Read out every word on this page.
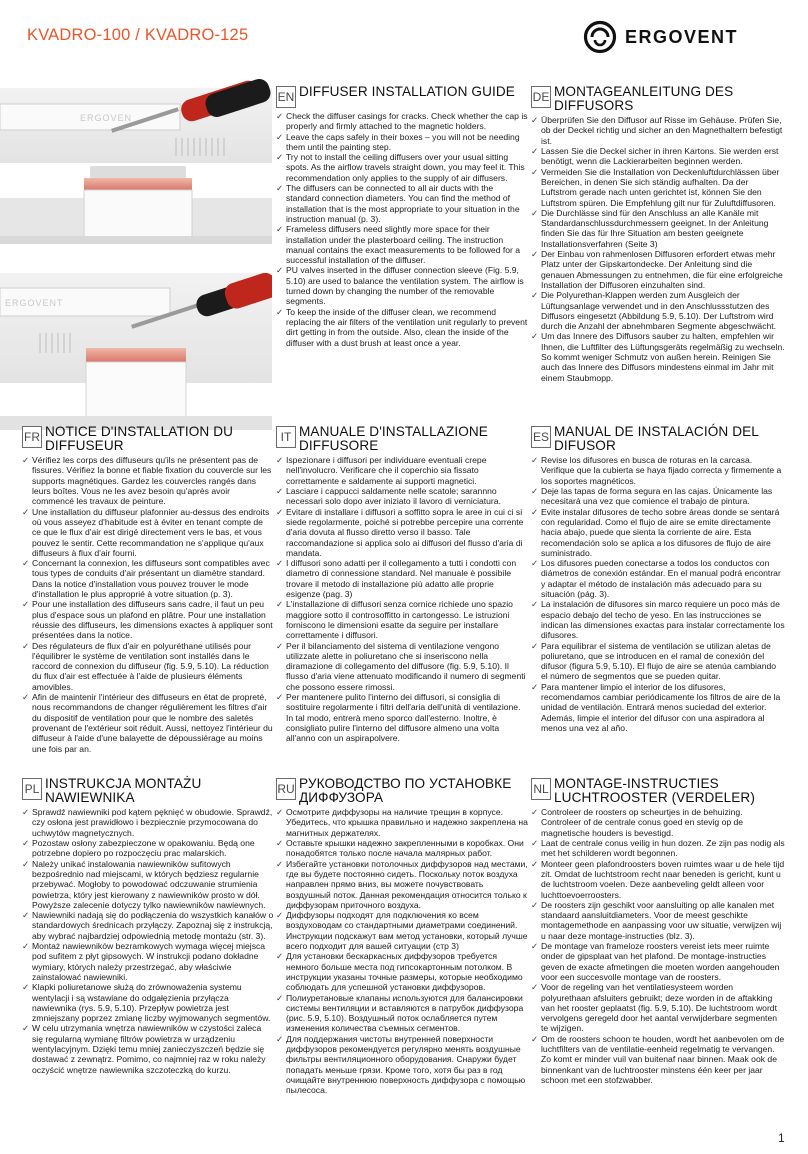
KVADRO-100 / KVADRO-125	ERGOVENT
ERGOVEN
ERGOVENT
EN DIFFUSER INSTALLATION GUIDE
✓ Check the diffuser casings for cracks. Check whether the cap is properly and firmly attached to the magnetic holders.
✓ Leave the caps safely in their boxes – you will not be needing them until the painting step.
✓ Try not to install the ceiling diffusers over your usual sitting spots. As the airflow travels straight down, you may feel it. This recommendation only applies to the supply of air diffusers.
✓ The diffusers can be connected to all air ducts with the standard connection diameters. You can find the method of installation that is the most appropriate to your situation in the instruction manual (p. 3).
✓ Frameless diffusers need slightly more space for their installation under the plasterboard ceiling. The instruction manual contains the exact measurements to be followed for a successful installation of the diffuser.
✓ PU valves inserted in the diffuser connection sleeve (Fig. 5.9, 5.10) are used to balance the ventilation system. The airflow is turned down by changing the number of the removable segments.
✓ To keep the inside of the diffuser clean, we recommend replacing the air filters of the ventilation unit regularly to prevent dirt getting in from the outside. Also, clean the inside of the diffuser with a dust brush at least once a year.
DE MONTAGEANLEITUNG DES DIFFUSORS
✓ Überprüfen Sie den Diffusor auf Risse im Gehäuse. Prüfen Sie, ob der Deckel richtig und sicher an den Magnethaltern befestigt ist.
✓ Lassen Sie die Deckel sicher in ihren Kartons. Sie werden erst benötigt, wenn die Lackierarbeiten beginnen werden.
✓ Vermeiden Sie die Installation von Deckenluftdurchlässen über Bereichen, in denen Sie sich ständig aufhalten. Da der Luftstrom gerade nach unten gerichtet ist, können Sie den Luftstrom spüren. Die Empfehlung gilt nur für Zuluftdiffusoren.
✓ Die Durchlässe sind für den Anschluss an alle Kanäle mit Standardanschlussdurchmessern geeignet. In der Anleitung finden Sie das für Ihre Situation am besten geeignete Installationsverfahren (Seite 3)
✓ Der Einbau von rahmenlosen Diffusoren erfordert etwas mehr Platz unter der Gipskartondecke. Der Anleitung sind die genauen Abmessungen zu entnehmen, die für eine erfolgreiche Installation der Diffusoren einzuhalten sind.
✓ Die Polyurethan-Klappen werden zum Ausgleich der Lüftungsanlage verwendet und in den Anschlussstutzen des Diffusors eingesetzt (Abbildung 5.9, 5.10). Der Luftstrom wird durch die Anzahl der abnehmbaren Segmente abgeschwächt.
✓ Um das Innere des Diffusors sauber zu halten, empfehlen wir Ihnen, die Luftfilter des Lüftungsgeräts regelmäßig zu wechseln. So kommt weniger Schmutz von außen herein. Reinigen Sie auch das Innere des Diffusors mindestens einmal im Jahr mit einem Staubmopp.
FR NOTICE D'INSTALLATION DU DIFFUSEUR
✓ Vérifiez les corps des diffuseurs qu'ils ne présentent pas de fissures. Vérifiez la bonne et fiable fixation du couvercle sur les supports magnétiques. Gardez les couvercles rangés dans leurs boîtes. Vous ne les avez besoin qu'après avoir commencé les travaux de peinture.
✓ Une installation du diffuseur plafonnier au-dessus des endroits où vous asseyez d'habitude est à éviter en tenant compte de ce que le flux d'air est dirigé directement vers le bas, et vous pouvez le sentir. Cette recommandation ne s'applique qu'aux diffuseurs à flux d'air fourni.
✓ Concernant la connexion, les diffuseurs sont compatibles avec tous types de conduits d'air présentant un diamètre standard. Dans la notice d'installation vous pouvez trouver le mode d'installation le plus approprié à votre situation (p. 3).
✓ Pour une installation des diffuseurs sans cadre, il faut un peu plus d'espace sous un plafond en plâtre. Pour une installation réussie des diffuseurs, les dimensions exactes à appliquer sont présentées dans la notice.
✓ Des régulateurs de flux d'air en polyuréthane utilisés pour l'équilibrer le système de ventilation sont installés dans le raccord de connexion du diffuseur (fig. 5.9, 5.10). La réduction du flux d'air est effectuée à l'aide de plusieurs éléments amovibles.
✓ Afin de maintenir l'intérieur des diffuseurs en état de propreté, nous recommandons de changer régulièrement les filtres d'air du dispositif de ventilation pour que le nombre des saletés provenant de l'extérieur soit réduit. Aussi, nettoyez l'intérieur du diffuseur à l'aide d'une balayette de dépoussiérage au moins une fois par an.
IT MANUALE D'INSTALLAZIONE DIFFUSORE
✓ Ispezionare i diffusori per individuare eventuali crepe nell'involucro. Verificare che il coperchio sia fissato correttamente e saldamente ai supporti magnetici.
✓ Lasciare i cappucci saldamente nelle scatole; sarannno necessari solo dopo aver iniziato il lavoro di verniciatura.
✓ Evitare di installare i diffusori a soffitto sopra le aree in cui ci si siede regolarmente, poiché si potrebbe percepire una corrente d'aria dovuta al flusso diretto verso il basso. Tale raccomandazione si applica solo ai diffusori del flusso d'aria di mandata.
✓ I diffusori sono adatti per il collegamento a tutti i condotti con diametro di connessione standard. Nel manuale è possibile trovare il metodo di installazione più adatto alle proprie esigenze (pag. 3)
✓ L'installazione di diffusori senza cornice richiede uno spazio maggiore sotto il controsoffitto in cartongesso. Le istruzioni forniscono le dimensioni esatte da seguire per installare correttamente i diffusori.
✓ Per il bilanciamento del sistema di ventilazione vengono utilizzate alette in poliuretano che si inseriscono nella diramazione di collegamento del diffusore (fig. 5.9, 5.10). Il flusso d'aria viene attenuato modificando il numero di segmenti che possono essere rimossi.
✓ Per mantenere pulito l'interno dei diffusori, si consiglia di sostituire regolarmente i filtri dell'aria dell'unità di ventilazione. In tal modo, entrerà meno sporco dall'esterno. Inoltre, è consigliato pulire l'interno del diffusore almeno una volta all'anno con un aspirapolvere.
ES MANUAL DE INSTALACIÓN DEL DIFUSOR
✓ Revise los difusores en busca de roturas en la carcasa. Verifique que la cubierta se haya fijado correcta y firmemente a los soportes magnéticos.
✓ Deje las tapas de forma segura en las cajas. Únicamente las necesitará una vez que comience el trabajo de pintura.
✓ Evite instalar difusores de techo sobre áreas donde se sentará con regularidad. Como el flujo de aire se emite directamente hacia abajo, puede que sienta la corriente de aire. Esta recomendación solo se aplica a los difusores de flujo de aire suministrado.
✓ Los difusores pueden conectarse a todos los conductos con diámetros de conexión estándar. En el manual podrá encontrar y adaptar el método de instalación más adecuado para su situación (pág. 3).
✓ La instalación de difusores sin marco requiere un poco más de espacio debajo del techo de yeso. En las instrucciones se indican las dimensiones exactas para instalar correctamente los difusores.
✓ Para equilibrar el sistema de ventilación se utilizan aletas de poliuretano, que se introducen en el ramal de conexión del difusor (figura 5.9, 5.10). El flujo de aire se atenúa cambiando el número de segmentos que se pueden quitar.
✓ Para mantener limpio el interior de los difusores, recomendamos cambiar periódicamente los filtros de aire de la unidad de ventilación. Entrará menos suciedad del exterior. Además, limpie el interior del difusor con una aspiradora al menos una vez al año.
PL INSTRUKCJA MONTAŻU NAWIEWNIKA
✓ Sprawdź nawiewniki pod kątem pęknięć w obudowie. Sprawdź, czy osłona jest prawidłowo i bezpiecznie przymocowana do uchwytów magnetycznych.
✓ Pozostaw osłony zabezpieczone w opakowaniu. Będą one potrzebne dopiero po rozpoczęciu prac malarskich.
✓ Należy unikać instalowania nawiewników sufitowych bezpośrednio nad miejscami, w których będziesz regularnie przebywać. Mogłoby to powodować odczuwanie strumienia powietrza, który jest kierowany z nawiewników prosto w dół. Powyższe zalecenie dotyczy tylko nawiewników nawiewnych.
✓ Nawiewniki nadają się do podłączenia do wszystkich kanałów o standardowych średnicach przyłączy. Zapoznaj się z instrukcją, aby wybrać najbardziej odpowiednią metodę montażu (str. 3).
✓ Montaż nawiewników bezramkowych wymaga więcej miejsca pod sufitem z płyt gipsowych. W instrukcji podano dokładne wymiary, których należy przestrzegać, aby właściwie zainstalować nawiewniki.
✓ Klapki poliuretanowe służą do zrównoważenia systemu wentylacji i są wstawiane do odgałęzienia przyłącza nawiewnika (rys. 5.9, 5.10). Przepływ powietrza jest zmniejszany poprzez zmianę liczby wyjmowanych segmentów.
✓ W celu utrzymania wnętrza nawiewników w czystości zaleca się regularną wymianę filtrów powietrza w urządzeniu wentylacyjnym. Dzięki temu mniej zanieczyszczeń będzie się dostawać z zewnątrz. Pomimo, co najmniej raz w roku należy oczyścić wnętrze nawiewnika szczoteczką do kurzu.
RU РУКОВОДСТВО ПО УСТАНОВКЕ ДИФФУЗОРА
✓ Осмотрите диффузоры на наличие трещин в корпусе. Убедитесь, что крышка правильно и надежно закреплена на магнитных держателях.
✓ Оставьте крышки надежно закрепленными в коробках. Они понадобятся только после начала малярных работ.
✓ Избегайте установки потолочных диффузоров над местами, где вы будете постоянно сидеть. Поскольку поток воздуха направлен прямо вниз, вы можете почувствовать воздушный поток. Данная рекомендация относится только к диффузорам приточного воздуха.
✓ Диффузоры подходят для подключения ко всем воздуховодам со стандартными диаметрами соединений. Инструкции подскажут вам метод установки, который лучше всего подходит для вашей ситуации (стр 3)
✓ Для установки бескаркасных диффузоров требуется немного больше места под гипсокартонным потолком. В инструкции указаны точные размеры, которые необходимо соблюдать для успешной установки диффузоров.
✓ Полиуретановые клапаны используются для балансировки системы вентиляции и вставляются в патрубок диффузора (рис. 5.9, 5.10). Воздушный поток ослабляется путем изменения количества съемных сегментов.
✓ Для поддержания чистоты внутренней поверхности диффузоров рекомендуется регулярно менять воздушные фильтры вентиляционного оборудования. Снаружи будет попадать меньше грязи. Кроме того, хотя бы раз в год очищайте внутреннюю поверхность диффузора с помощью пылесоса.
NL MONTAGE-INSTRUCTIES LUCHTROOSTER (VERDELER)
✓ Controleer de roosters op scheurtjes in de behuizing. Controleer of de centrale conus goed en stevig op de magnetische houders is bevestigd.
✓ Laat de centrale conus veilig in hun dozen. Ze zijn pas nodig als met het schilderen wordt begonnen.
✓ Monteer geen plafondroosters boven ruimtes waar u de hele tijd zit. Omdat de luchtstroom recht naar beneden is gericht, kunt u de luchtstroom voelen. Deze aanbeveling geldt alleen voor luchttoevoerroosters.
✓ De roosters zijn geschikt voor aansluiting op alle kanalen met standaard aansluitdiameters. Voor de meest geschikte montagemethode en aanpassing voor uw situatie, verwijzen wij u naar deze montage-instructies (blz. 3).
✓ De montage van frameloze roosters vereist iets meer ruimte onder de gipsplaat van het plafond. De montage-instructies geven de exacte afmetingen die moeten worden aangehouden voor een succesvolle montage van de roosters.
✓ Voor de regeling van het ventilatiesysteem worden polyurethaan afsluiters gebruikt; deze worden in de aftakking van het rooster geplaatst (fig. 5.9, 5.10). De luchtstroom wordt vervolgens geregeld door het aantal verwijderbare segmenten te wijzigen.
✓ Om de roosters schoon te houden, wordt het aanbevolen om de luchtfilters van de ventilatie-eenheid regelmatig te vervangen. Zo komt er minder vuil van buitenaf naar binnen. Maak ook de binnenkant van de luchtrooster minstens één keer per jaar schoon met een stofzwabber.
1
